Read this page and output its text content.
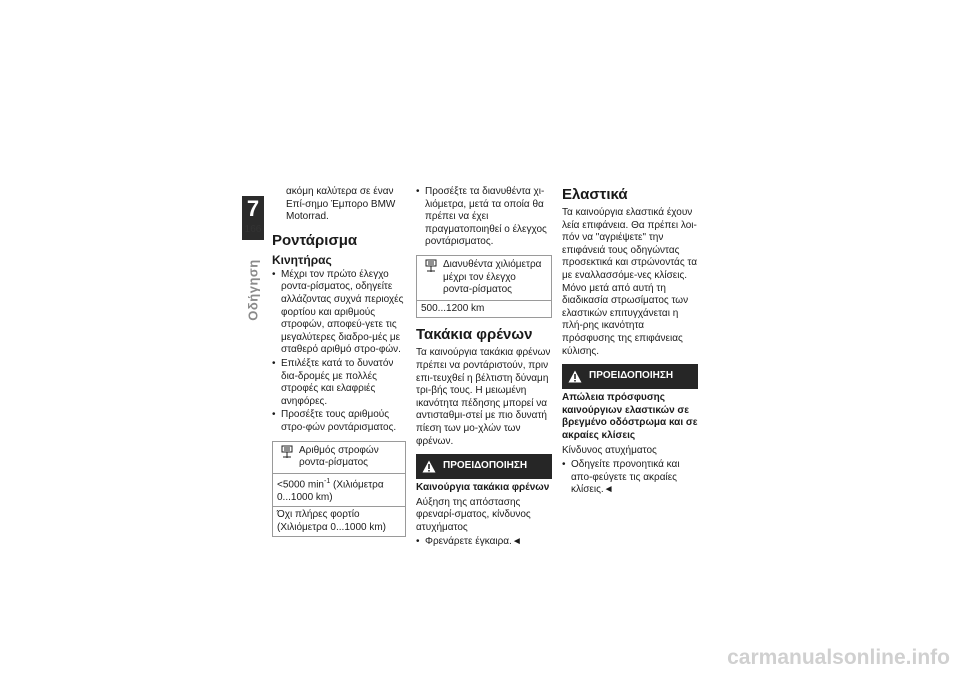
7
166
Οδήγηση

ακόμη καλύτερα σε έναν Επί-σημο Έμπορο BMW Motorrad.

Ροντάρισμα
Κινητήρας
• Μέχρι τον πρώτο έλεγχο ροντα-ρίσματος, οδηγείτε αλλάζοντας συχνά περιοχές φορτίου και αριθμούς στροφών, αποφεύ-γετε τις μεγαλύτερες διαδρο-μές με σταθερό αριθμό στρο-φών.
• Επιλέξτε κατά το δυνατόν δια-δρομές με πολλές στροφές και ελαφριές ανηφόρες.
• Προσέξτε τους αριθμούς στρο-φών ροντάρισματος.
Αριθμός στροφών ροντα-ρίσματος
<5000 $\min^{-1} (X\iota\lambda\iota ό\mu\varepsilon\tau\rho\alpha$ 0...1000 km)
Όχι πλήρες φορτίο (Χιλιόμετρα 0...1000 km)
• Προσέξτε τα διανυθέντα χι-λιόμετρα, μετά τα οποία θα πρέπει να έχει πραγματοποιηθεί ο έλεγχος ροντάρισματος.
Διανυθέντα χιλιόμετρα μέχρι τον έλεγχο ροντα-ρίσματος
500...1200 km
Τακάκια φρένων

Τα καινούργια τακάκια φρένων πρέπει να ροντάριστούν, πριν επι-τευχθεί η βέλτιστη δύναμη τρι-βής τους. Η μειωμένη ικανότητα πέδησης μπορεί να αντισταθμι-στεί με πιο δυνατή πίεση των μο-χλών των φρένων.

ΠΡΟΕΙΔΟΠΟΙΗΣΗ

Καινούργια τακάκια φρένων

Αύξηση της απόστασης φρεναρί-σματος, κίνδυνος ατυχήματος

• Φρενάρετε έγκαιρα.◄
Ελαστικά

Τα καινούργια ελαστικά έχουν λεία επιφάνεια. Θα πρέπει λοι-πόν να "αγριέψετε" την επιφάνειά τους οδηγώντας προσεκτικά και στρώνοντάς τα με εναλλασσόμε-νες κλίσεις. Μόνο μετά από αυτή τη διαδικασία στρωσίματος των ελαστικών επιτυγχάνεται η πλή-ρης ικανότητα πρόσφυσης της επιφάνειας κύλισης.

ΠΡΟΕΙΔΟΠΟΙΗΣΗ

Απώλεια πρόσφυσης καινούργιων ελαστικών σε βρεγμένο οδόστρωμα και σε ακραίες κλίσεις

Κίνδυνος ατυχήματος

• Οδηγείτε προνοητικά και απο-φεύγετε τις ακραίες κλίσεις.◄
carmanualsonline.info
